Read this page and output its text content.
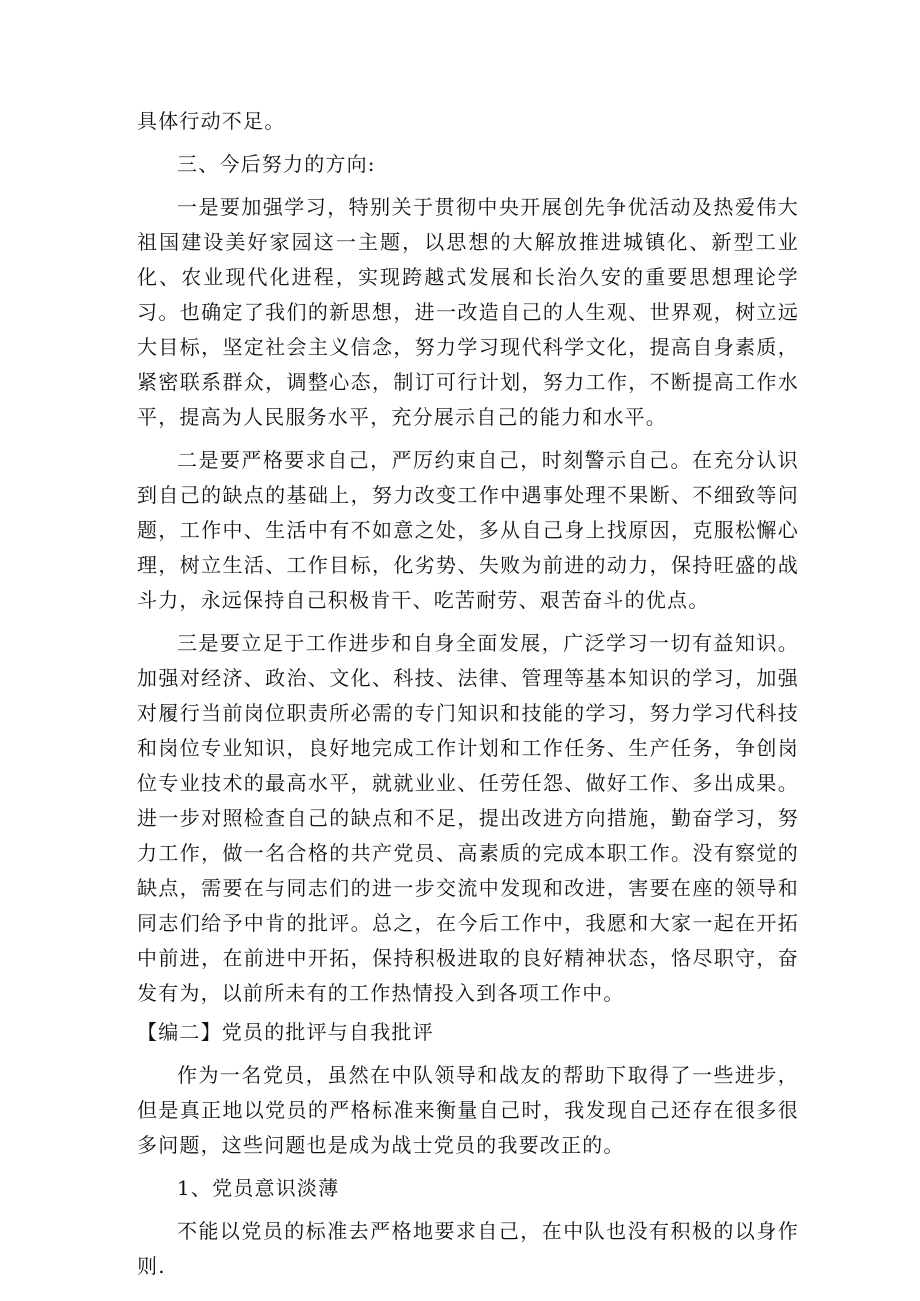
具体行动不足。

三、今后努力的方向:

一是要加强学习，特别关于贯彻中央开展创先争优活动及热爱伟大祖国建设美好家园这一主题，以思想的大解放推进城镇化、新型工业化、农业现代化进程，实现跨越式发展和长治久安的重要思想理论学习。也确定了我们的新思想，进一改造自己的人生观、世界观，树立远大目标，坚定社会主义信念，努力学习现代科学文化，提高自身素质，紧密联系群众，调整心态，制订可行计划，努力工作，不断提高工作水平，提高为人民服务水平，充分展示自己的能力和水平。

二是要严格要求自己，严厉约束自己，时刻警示自己。在充分认识到自己的缺点的基础上，努力改变工作中遇事处理不果断、不细致等问题，工作中、生活中有不如意之处，多从自己身上找原因，克服松懈心理，树立生活、工作目标，化劣势、失败为前进的动力，保持旺盛的战斗力，永远保持自己积极肯干、吃苦耐劳、艰苦奋斗的优点。

三是要立足于工作进步和自身全面发展，广泛学习一切有益知识。加强对经济、政治、文化、科技、法律、管理等基本知识的学习，加强对履行当前岗位职责所必需的专门知识和技能的学习，努力学习代科技和岗位专业知识，良好地完成工作计划和工作任务、生产任务，争创岗位专业技术的最高水平，就就业业、任劳任怨、做好工作、多出成果。进一步对照检查自己的缺点和不足，提出改进方向措施，勤奋学习，努力工作，做一名合格的共产党员、高素质的完成本职工作。没有察觉的缺点，需要在与同志们的进一步交流中发现和改进，害要在座的领导和同志们给予中肯的批评。总之，在今后工作中，我愿和大家一起在开拓中前进，在前进中开拓，保持积极进取的良好精神状态，恪尽职守，奋发有为，以前所未有的工作热情投入到各项工作中。

【编二】党员的批评与自我批评

作为一名党员，虽然在中队领导和战友的帮助下取得了一些进步，但是真正地以党员的严格标准来衡量自己时，我发现自己还存在很多很多问题，这些问题也是成为战士党员的我要改正的。

1、党员意识淡薄

不能以党员的标准去严格地要求自己，在中队也没有积极的以身作则.
